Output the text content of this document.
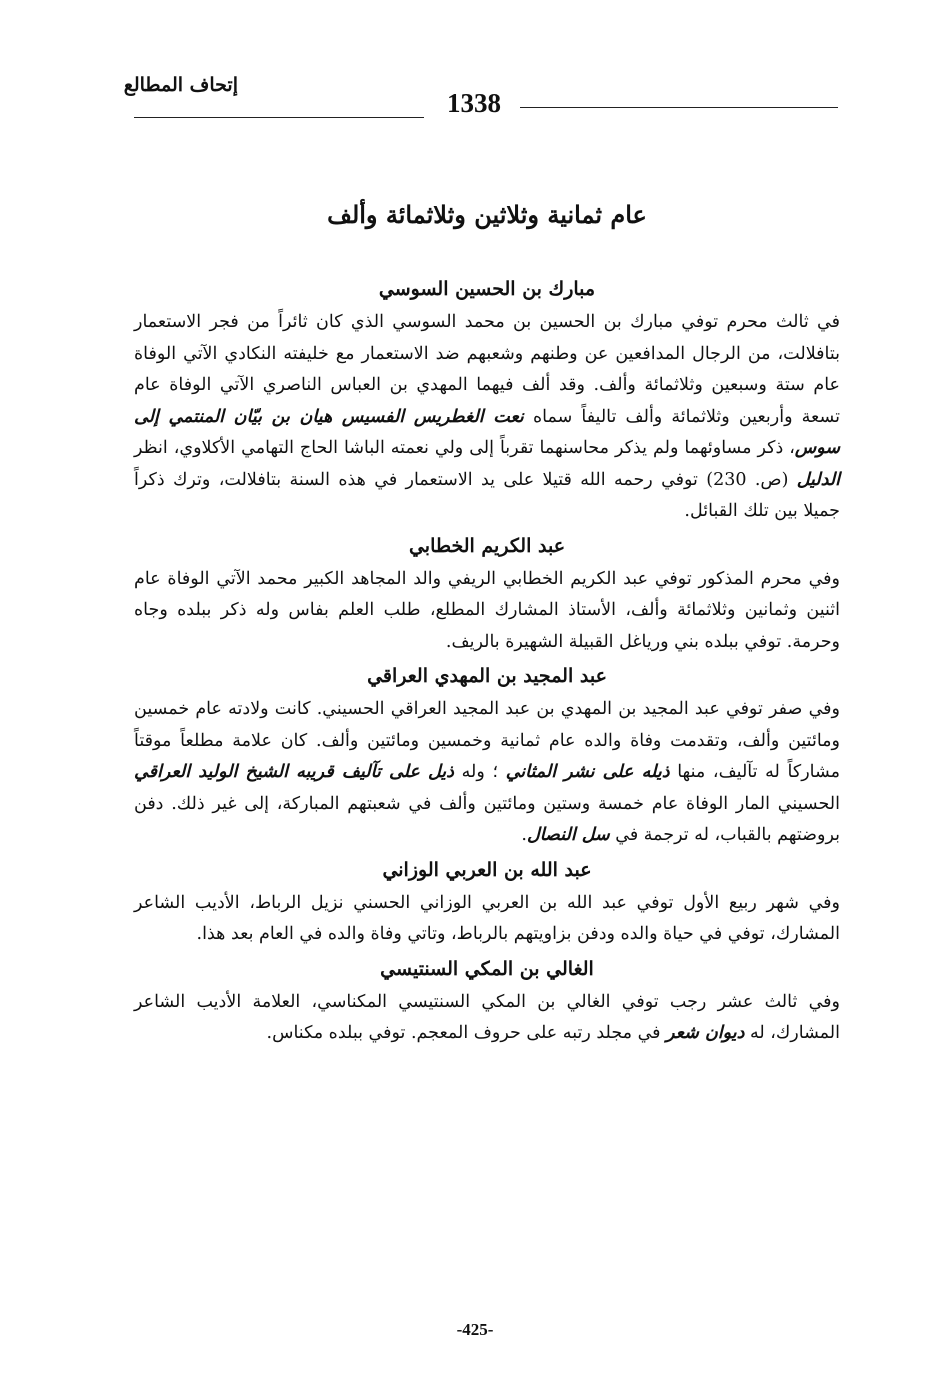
إتحاف المطالع
1338
عام ثمانية وثلاثين وثلاثمائة وألف
مبارك بن الحسين السوسي

في ثالث محرم توفي مبارك بن الحسين بن محمد السوسي الذي كان ثائراً من فجر الاستعمار بتافلالت، من الرجال المدافعين عن وطنهم وشعبهم ضد الاستعمار مع خليفته النكادي الآتي الوفاة عام ستة وسبعين وثلاثمائة وألف. وقد ألف فيهما المهدي بن العباس الناصري الآتي الوفاة عام تسعة وأربعين وثلاثمائة وألف تاليفاً سماه نعت الغطريس الفسيس هيان بن بيّان المنتمي إلى سوس، ذكر مساوئهما ولم يذكر محاسنهما تقرباً إلى ولي نعمته الباشا الحاج التهامي الأكلاوي، انظر الدليل (ص. 230) توفي رحمه الله قتيلا على يد الاستعمار في هذه السنة بتافلالت، وترك ذكراً جميلا بين تلك القبائل.

عبد الكريم الخطابي

وفي محرم المذكور توفي عبد الكريم الخطابي الريفي والد المجاهد الكبير محمد الآتي الوفاة عام اثنين وثمانين وثلاثمائة وألف، الأستاذ المشارك المطلع، طلب العلم بفاس وله ذكر ببلده وجاه وحرمة. توفي ببلده بني ورياغل القبيلة الشهيرة بالريف.

عبد المجيد بن المهدي العراقي

وفي صفر توفي عبد المجيد بن المهدي بن عبد المجيد العراقي الحسيني. كانت ولادته عام خمسين ومائتين وألف، وتقدمت وفاة والده عام ثمانية وخمسين ومائتين وألف. كان علامة مطلعاً موقتاً مشاركاً له تآليف، منها ذيله على نشر المثاني ؛ وله ذيل على تآليف قريبه الشيخ الوليد العراقي الحسيني المار الوفاة عام خمسة وستين ومائتين وألف في شعبتهم المباركة، إلى غير ذلك. دفن بروضتهم بالقباب، له ترجمة في سل النصال.

عبد الله بن العربي الوزاني

وفي شهر ربيع الأول توفي عبد الله بن العربي الوزاني الحسني نزيل الرباط، الأديب الشاعر المشارك، توفي في حياة والده ودفن بزاويتهم بالرباط، وتاتي وفاة والده في العام بعد هذا.

الغالي بن المكي السنتيسي

وفي ثالث عشر رجب توفي الغالي بن المكي السنتيسي المكناسي، العلامة الأديب الشاعر المشارك، له ديوان شعر في مجلد رتبه على حروف المعجم. توفي ببلده مكناس.

-425-
